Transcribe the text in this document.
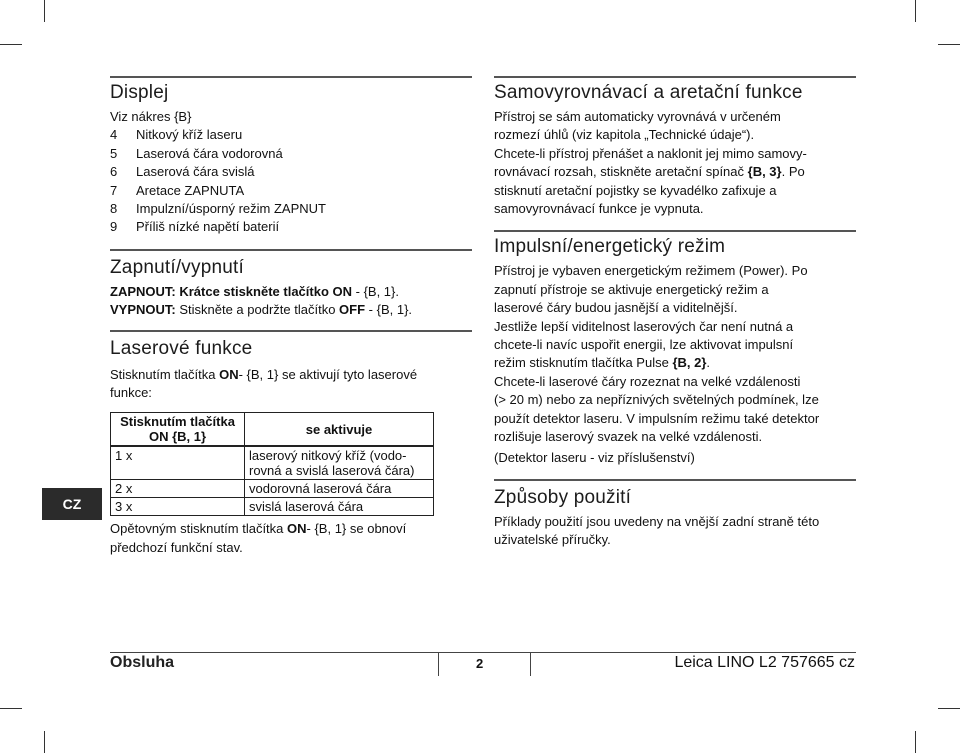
Displej
Viz nákres {B}
4	Nitkový kříž laseru
5	Laserová čára vodorovná
6	Laserová čára svislá
7	Aretace ZAPNUTA
8	Impulzní/úsporný režim ZAPNUT
9	Příliš nízké napětí baterií
Zapnutí/vypnutí
ZAPNOUT: Krátce stiskněte tlačítko ON - {B, 1}.
VYPNOUT: Stiskněte a podržte tlačítko OFF - {B, 1}.
Laserové funkce
Stisknutím tlačítka ON- {B, 1} se aktivují tyto laserové
funkce:
Stisknutím tlačítka
ON {B, 1}	se aktivuje
1 x	laserový nitkový kříž (vodo-
rovná a svislá laserová čára)
2 x	vodorovná laserová čára
3 x	svislá laserová čára
Opětovným stisknutím tlačítka ON- {B, 1} se obnoví
předchozí funkční stav.
Samovyrovnávací a aretační funkce
Přístroj se sám automaticky vyrovnává v určeném
rozmezí úhlů (viz kapitola „Technické údaje“).
Chcete-li přístroj přenášet a naklonit jej mimo samovy-
rovnávací rozsah, stiskněte aretační spínač {B, 3}. Po
stisknutí aretační pojistky se kyvadélko zafixuje a
samovyrovnávací funkce je vypnuta.
Impulsní/energetický režim
Přístroj je vybaven energetickým režimem (Power). Po
zapnutí přístroje se aktivuje energetický režim a
laserové čáry budou jasnější a viditelnější.
Jestliže lepší viditelnost laserových čar není nutná a
chcete-li navíc uspořit energii, lze aktivovat impulsní
režim stisknutím tlačítka Pulse {B, 2}.
Chcete-li laserové čáry rozeznat na velké vzdálenosti
(> 20 m) nebo za nepříznivých světelných podmínek, lze
použít detektor laseru. V impulsním režimu také detektor
rozlišuje laserový svazek na velké vzdálenosti.
(Detektor laseru - viz příslušenství)
Způsoby použití
Příklady použití jsou uvedeny na vnější zadní straně této
uživatelské příručky.
CZ
Obsluha	2	Leica LINO L2 757665 cz
